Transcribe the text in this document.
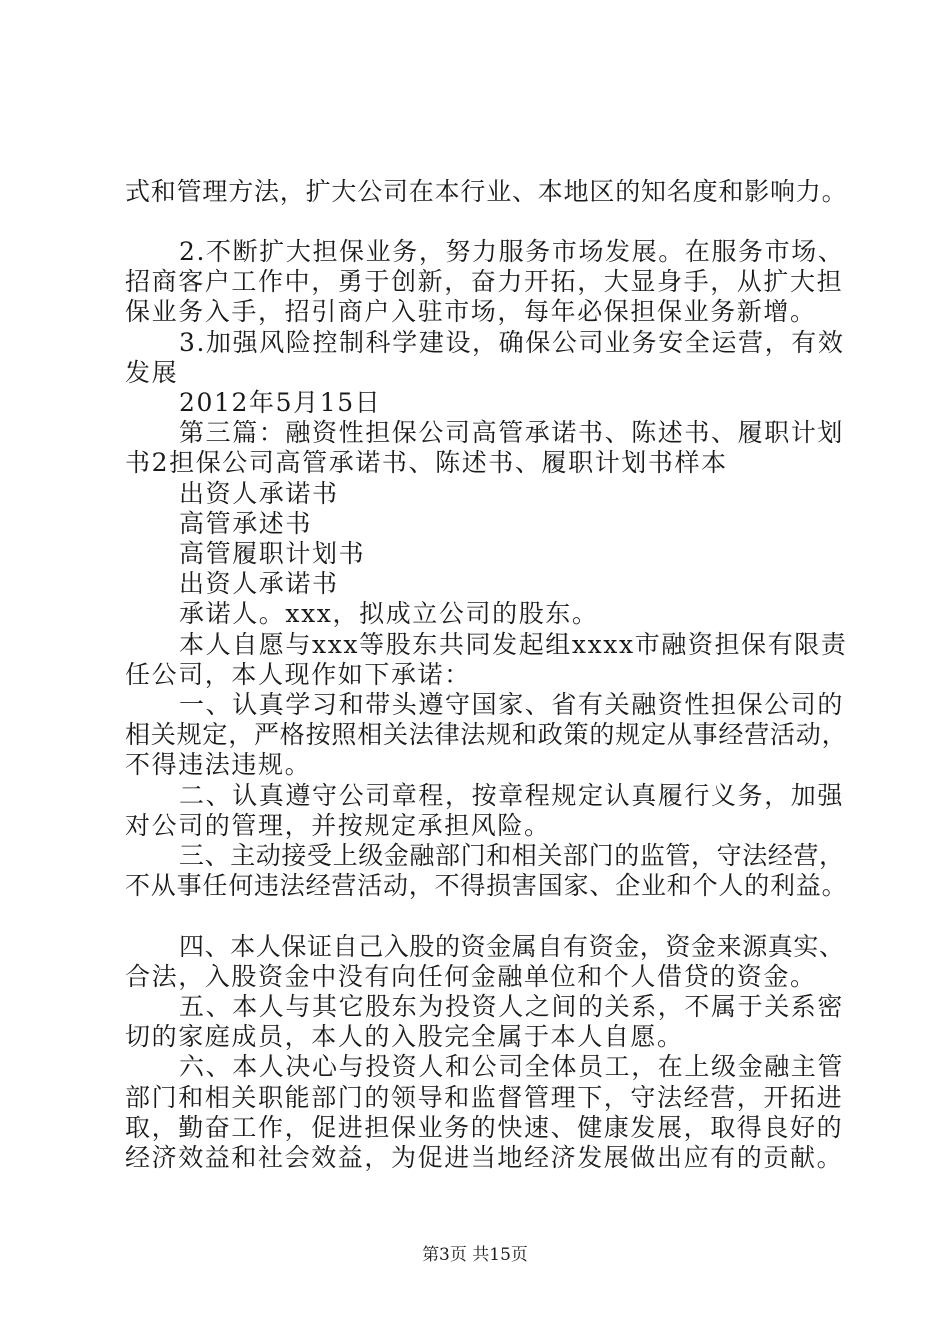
式和管理方法，扩大公司在本行业、本地区的知名度和影响力。
2.不断扩大担保业务，努力服务市场发展。在服务市场、
招商客户工作中，勇于创新，奋力开拓，大显身手，从扩大担
保业务入手，招引商户入驻市场，每年必保担保业务新增。
3.加强风险控制科学建设，确保公司业务安全运营，有效
发展
2012年5月15日
第三篇：融资性担保公司高管承诺书、陈述书、履职计划
书2担保公司高管承诺书、陈述书、履职计划书样本
出资人承诺书
高管承述书
高管履职计划书
出资人承诺书
承诺人。xxx，拟成立公司的股东。
本人自愿与xxx等股东共同发起组xxxx市融资担保有限责
任公司，本人现作如下承诺：
一、认真学习和带头遵守国家、省有关融资性担保公司的
相关规定，严格按照相关法律法规和政策的规定从事经营活动，
不得违法违规。
二、认真遵守公司章程，按章程规定认真履行义务，加强
对公司的管理，并按规定承担风险。
三、主动接受上级金融部门和相关部门的监管，守法经营，
不从事任何违法经营活动，不得损害国家、企业和个人的利益。
四、本人保证自己入股的资金属自有资金，资金来源真实、
合法，入股资金中没有向任何金融单位和个人借贷的资金。
五、本人与其它股东为投资人之间的关系，不属于关系密
切的家庭成员，本人的入股完全属于本人自愿。
六、本人决心与投资人和公司全体员工，在上级金融主管
部门和相关职能部门的领导和监督管理下，守法经营，开拓进
取，勤奋工作，促进担保业务的快速、健康发展，取得良好的
经济效益和社会效益，为促进当地经济发展做出应有的贡献。
第3页 共15页
